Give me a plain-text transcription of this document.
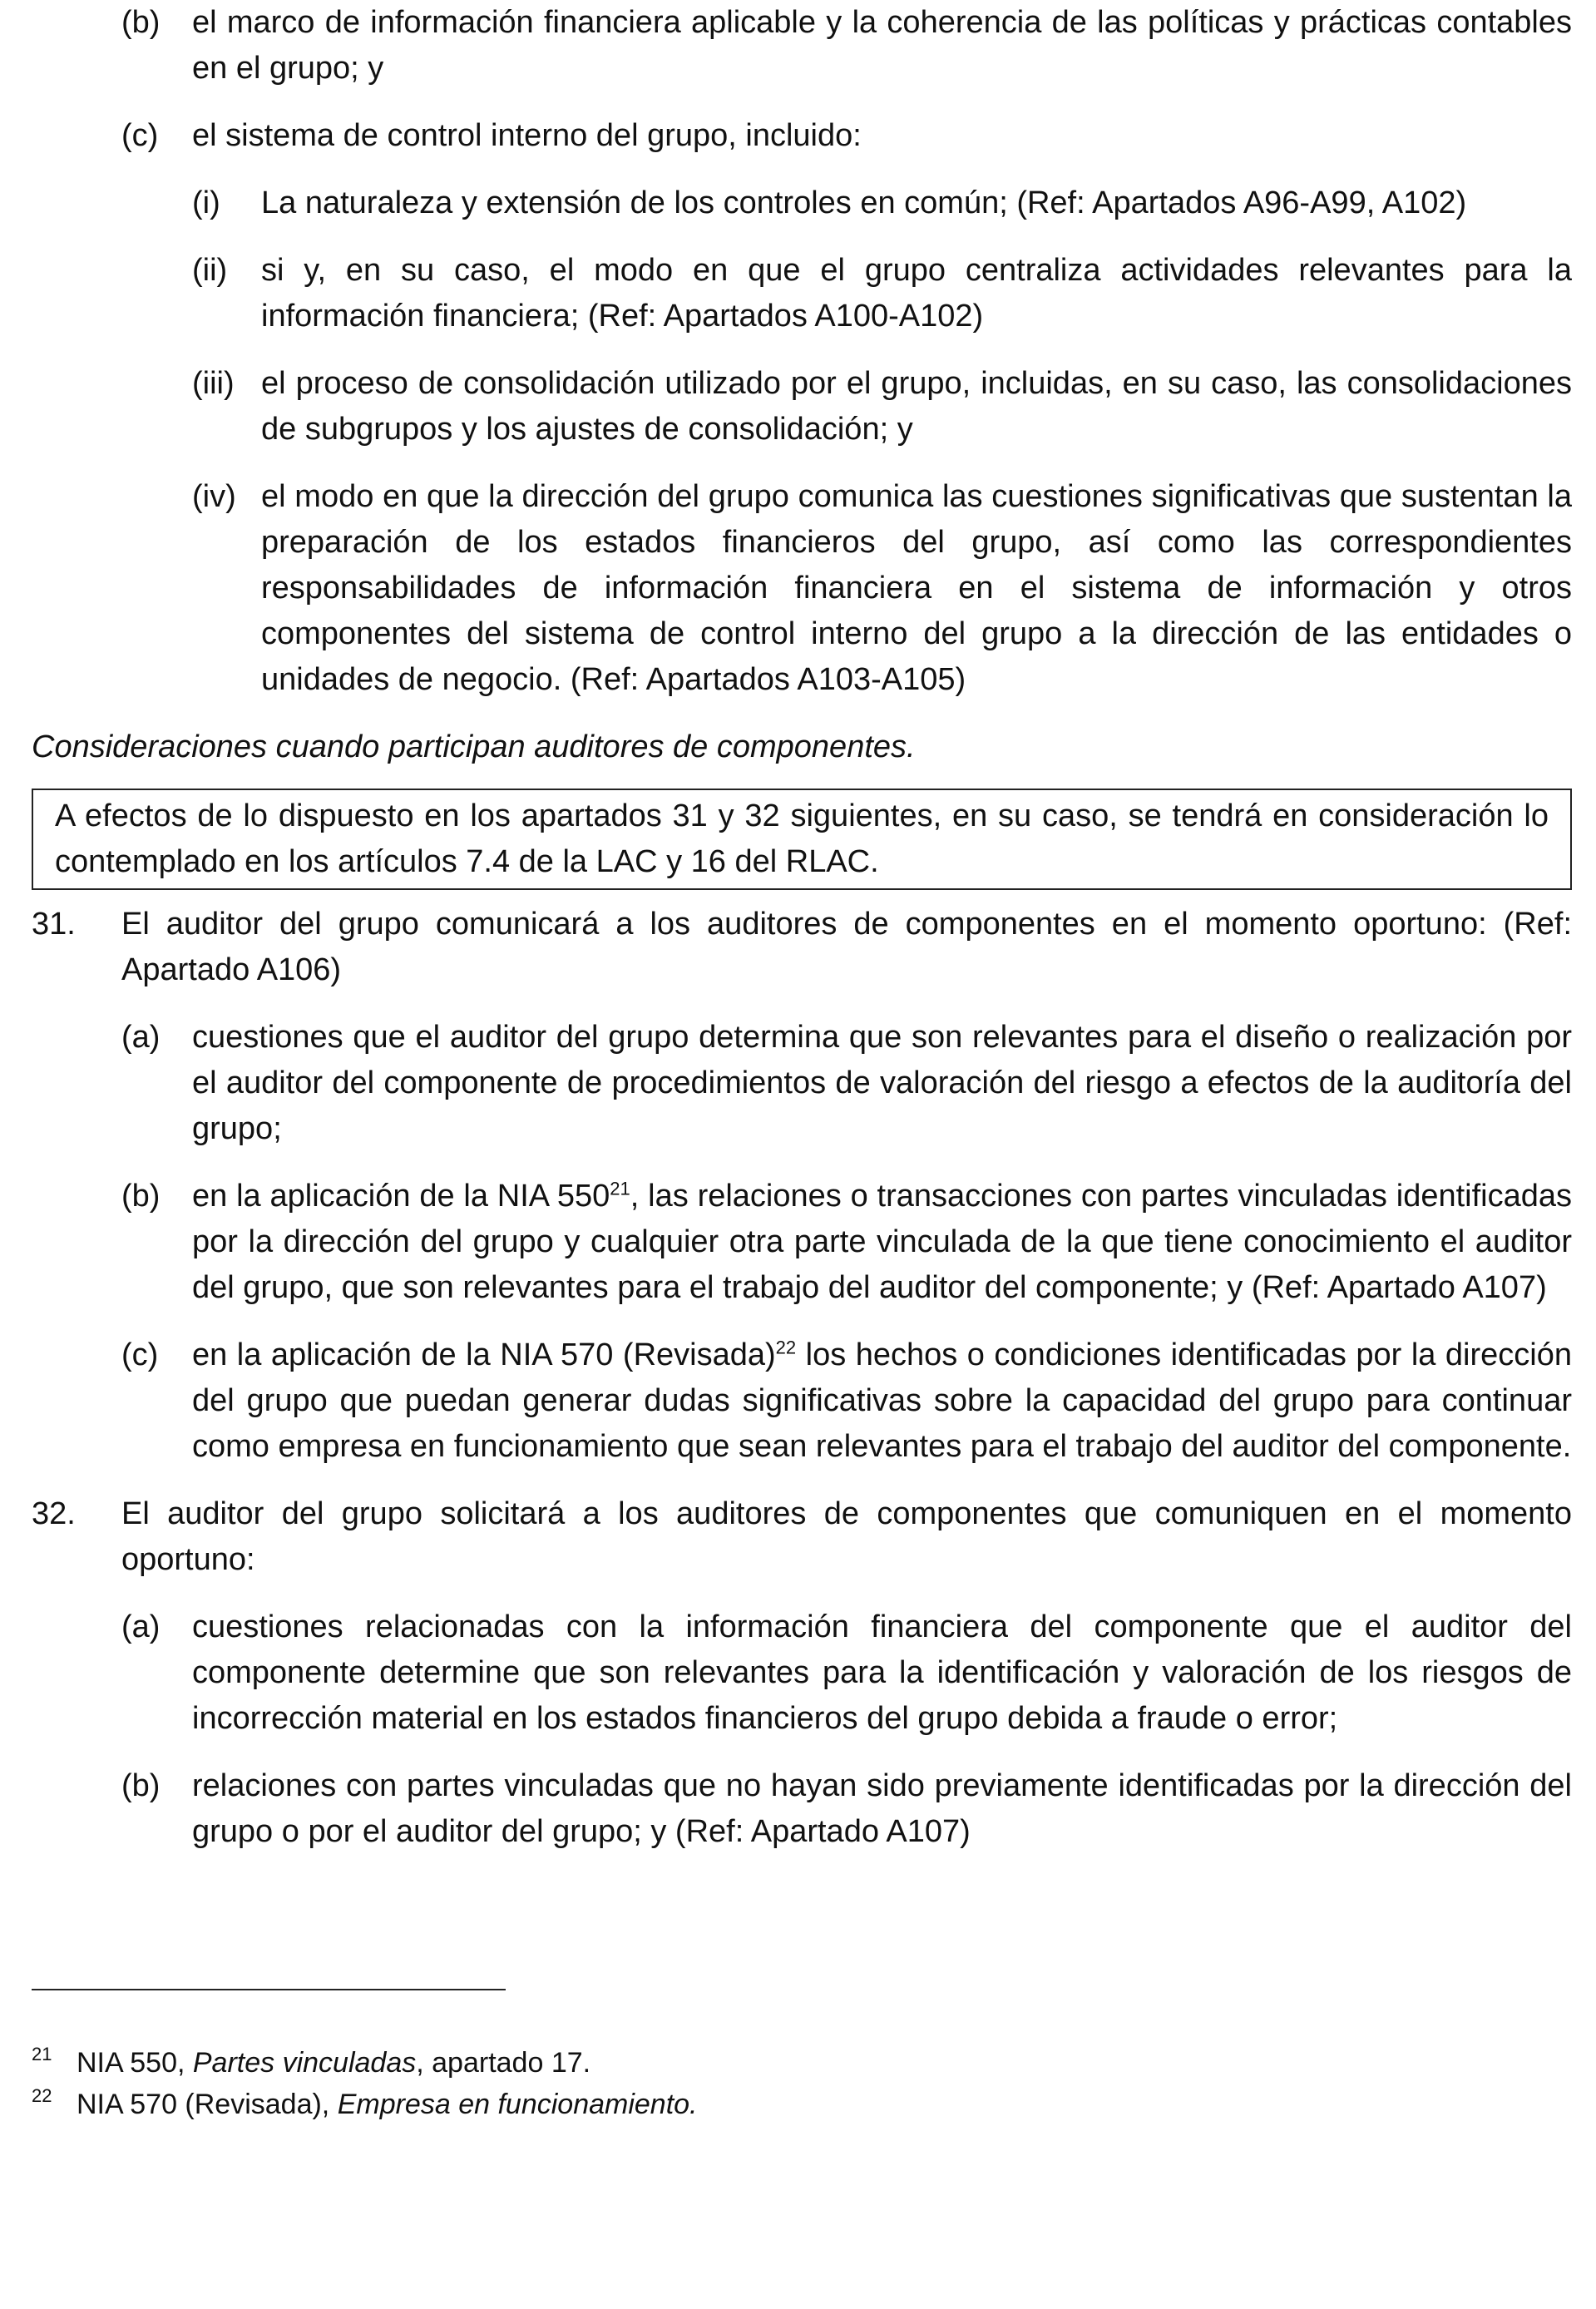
(b)	el marco de información financiera aplicable y la coherencia de las políticas y prácticas contables en el grupo; y
(c)	el sistema de control interno del grupo, incluido:
(i)	La naturaleza y extensión de los controles en común; (Ref: Apartados A96-A99, A102)
(ii)	si y, en su caso, el modo en que el grupo centraliza actividades relevantes para la información financiera; (Ref: Apartados A100-A102)
(iii) el proceso de consolidación utilizado por el grupo, incluidas, en su caso, las consolidaciones de subgrupos y los ajustes de consolidación; y
(iv) el modo en que la dirección del grupo comunica las cuestiones significativas que sustentan la preparación de los estados financieros del grupo, así como las correspondientes responsabilidades de información financiera en el sistema de información y otros componentes del sistema de control interno del grupo a la dirección de las entidades o unidades de negocio. (Ref: Apartados A103-A105)
Consideraciones cuando participan auditores de componentes.
A efectos de lo dispuesto en los apartados 31 y 32 siguientes, en su caso, se tendrá en consideración lo contemplado en los artículos 7.4 de la LAC y 16 del RLAC.
31.	El auditor del grupo comunicará a los auditores de componentes en el momento oportuno: (Ref: Apartado A106)
(a)	cuestiones que el auditor del grupo determina que son relevantes para el diseño o realización por el auditor del componente de procedimientos de valoración del riesgo a efectos de la auditoría del grupo;
(b)	en la aplicación de la NIA $550^{21}$, las relaciones o transacciones con partes vinculadas identificadas por la dirección del grupo y cualquier otra parte vinculada de la que tiene conocimiento el auditor del grupo, que son relevantes para el trabajo del auditor del componente; y (Ref: Apartado A107)
(c)	en la aplicación de la NIA 570 (Revisada)$^{22}$ los hechos o condiciones identificadas por la dirección del grupo que puedan generar dudas significativas sobre la capacidad del grupo para continuar como empresa en funcionamiento que sean relevantes para el trabajo del auditor del componente.
32.	El auditor del grupo solicitará a los auditores de componentes que comuniquen en el momento oportuno:
(a)	cuestiones relacionadas con la información financiera del componente que el auditor del componente determine que son relevantes para la identificación y valoración de los riesgos de incorrección material en los estados financieros del grupo debida a fraude o error;
(b)	relaciones con partes vinculadas que no hayan sido previamente identificadas por la dirección del grupo o por el auditor del grupo; y (Ref: Apartado A107)
21 NIA 550, Partes vinculadas, apartado 17.
22 NIA 570 (Revisada), Empresa en funcionamiento.
